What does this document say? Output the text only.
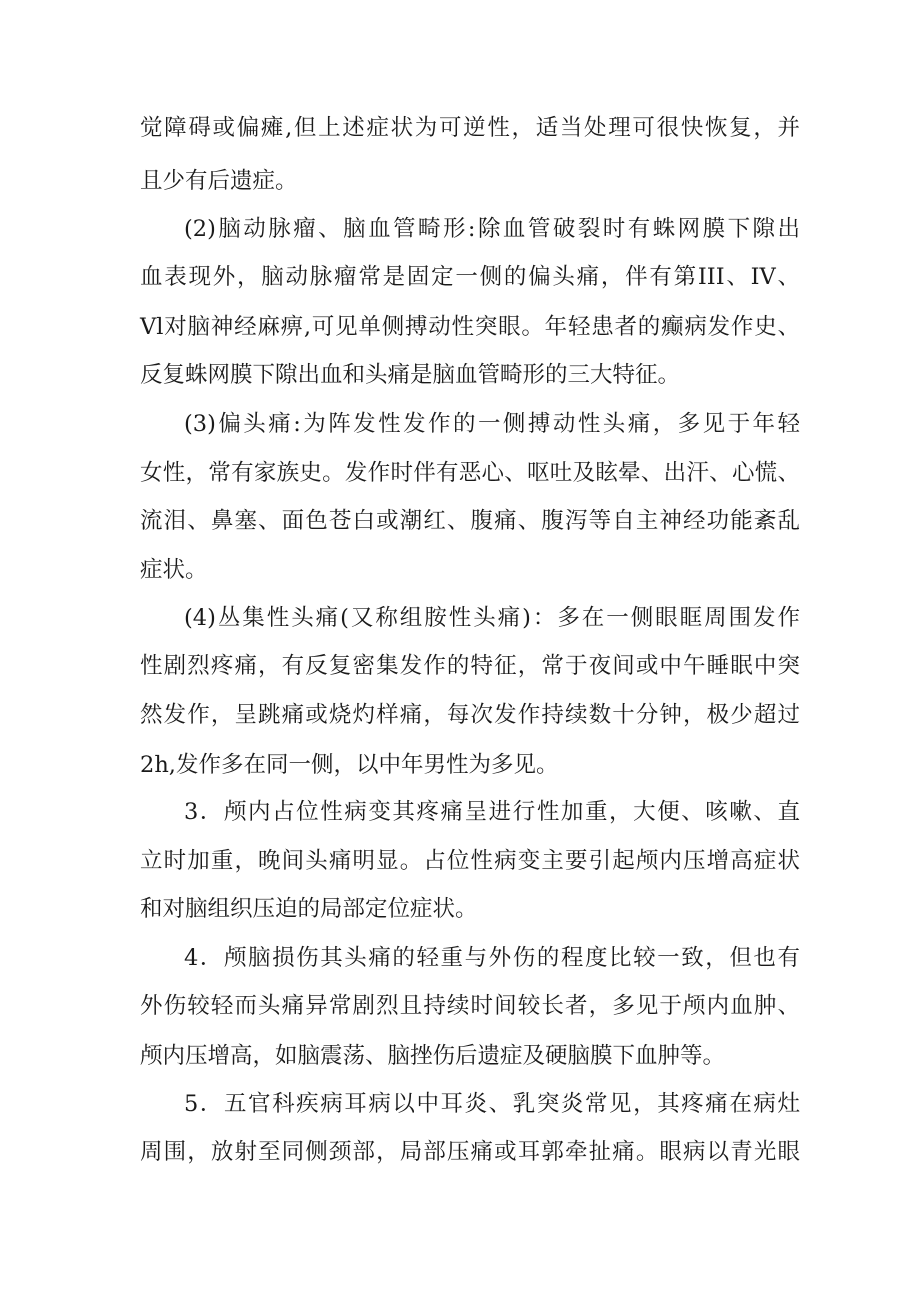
觉障碍或偏瘫,但上述症状为可逆性，适当处理可很快恢复，并

且少有后遗症。

(2)脑动脉瘤、脑血管畸形:除血管破裂时有蛛网膜下隙出

血表现外，脑动脉瘤常是固定一侧的偏头痛，伴有第III、IV、

Vl对脑神经麻痹,可见单侧搏动性突眼。年轻患者的癫病发作史、

反复蛛网膜下隙出血和头痛是脑血管畸形的三大特征。

(3)偏头痛:为阵发性发作的一侧搏动性头痛，多见于年轻

女性，常有家族史。发作时伴有恶心、呕吐及眩晕、出汗、心慌、

流泪、鼻塞、面色苍白或潮红、腹痛、腹泻等自主神经功能紊乱

症状。

(4)丛集性头痛(又称组胺性头痛)：多在一侧眼眶周围发作

性剧烈疼痛，有反复密集发作的特征，常于夜间或中午睡眠中突

然发作，呈跳痛或烧灼样痛，每次发作持续数十分钟，极少超过

2h,发作多在同一侧，以中年男性为多见。

3．颅内占位性病变其疼痛呈进行性加重，大便、咳嗽、直

立时加重，晚间头痛明显。占位性病变主要引起颅内压增高症状

和对脑组织压迫的局部定位症状。

4．颅脑损伤其头痛的轻重与外伤的程度比较一致，但也有

外伤较轻而头痛异常剧烈且持续时间较长者，多见于颅内血肿、

颅内压增高，如脑震荡、脑挫伤后遗症及硬脑膜下血肿等。

5．五官科疾病耳病以中耳炎、乳突炎常见，其疼痛在病灶

周围，放射至同侧颈部，局部压痛或耳郭牵扯痛。眼病以青光眼
